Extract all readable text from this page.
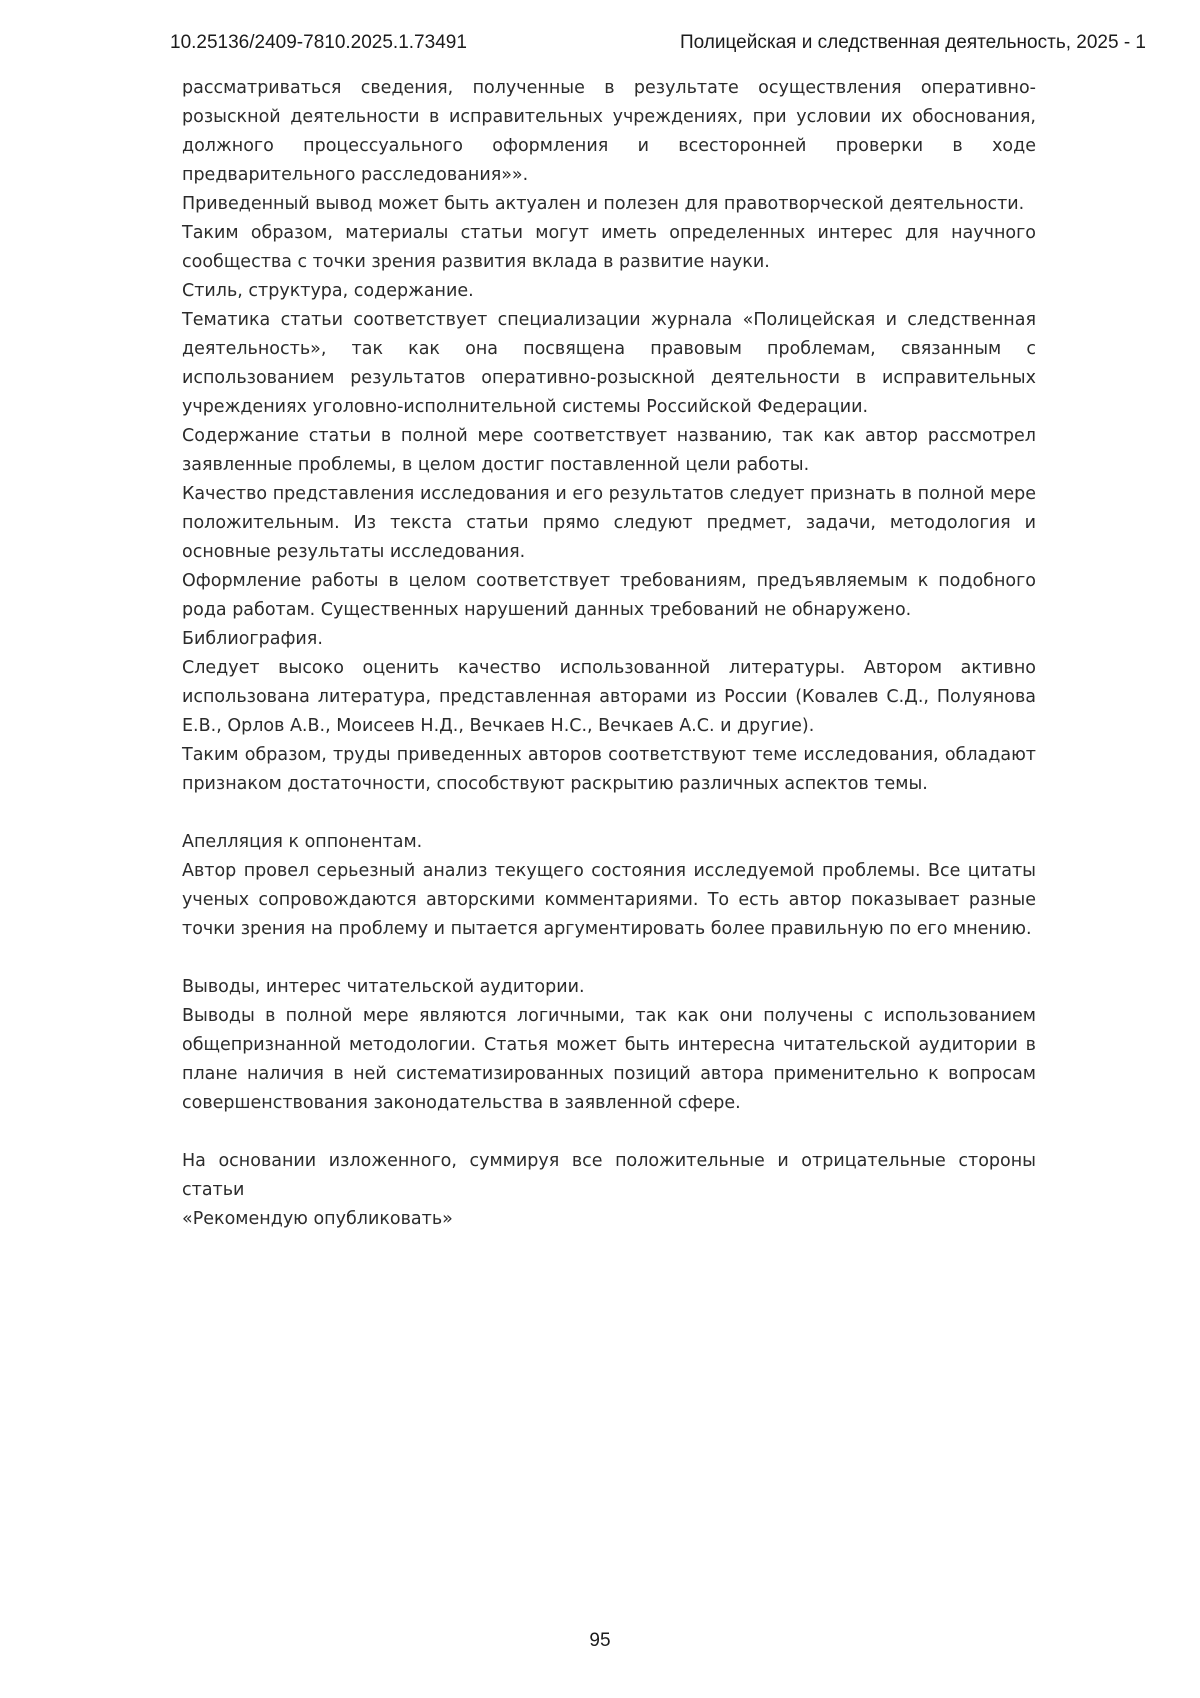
10.25136/2409-7810.2025.1.73491	Полицейская и следственная деятельность, 2025 - 1

рассматриваться сведения, полученные в результате осуществления оперативно-розыскной деятельности в исправительных учреждениях, при условии их обоснования, должного процессуального оформления и всесторонней проверки в ходе предварительного расследования»».

Приведенный вывод может быть актуален и полезен для правотворческой деятельности.

Таким образом, материалы статьи могут иметь определенных интерес для научного сообщества с точки зрения развития вклада в развитие науки.

Стиль, структура, содержание.

Тематика статьи соответствует специализации журнала «Полицейская и следственная деятельность», так как она посвящена правовым проблемам, связанным с использованием результатов оперативно-розыскной деятельности в исправительных учреждениях уголовно-исполнительной системы Российской Федерации.

Содержание статьи в полной мере соответствует названию, так как автор рассмотрел заявленные проблемы, в целом достиг поставленной цели работы.

Качество представления исследования и его результатов следует признать в полной мере положительным. Из текста статьи прямо следуют предмет, задачи, методология и основные результаты исследования.

Оформление работы в целом соответствует требованиям, предъявляемым к подобного рода работам. Существенных нарушений данных требований не обнаружено.

Библиография.

Следует высоко оценить качество использованной литературы. Автором активно использована литература, представленная авторами из России (Ковалев С.Д., Полуянова Е.В., Орлов А.В., Моисеев Н.Д., Вечкаев Н.С., Вечкаев А.С. и другие).

Таким образом, труды приведенных авторов соответствуют теме исследования, обладают признаком достаточности, способствуют раскрытию различных аспектов темы.

Апелляция к оппонентам.

Автор провел серьезный анализ текущего состояния исследуемой проблемы. Все цитаты ученых сопровождаются авторскими комментариями. То есть автор показывает разные точки зрения на проблему и пытается аргументировать более правильную по его мнению.

Выводы, интерес читательской аудитории.

Выводы в полной мере являются логичными, так как они получены с использованием общепризнанной методологии. Статья может быть интересна читательской аудитории в плане наличия в ней систематизированных позиций автора применительно к вопросам совершенствования законодательства в заявленной сфере.

На основании изложенного, суммируя все положительные и отрицательные стороны статьи

«Рекомендую опубликовать»

95
